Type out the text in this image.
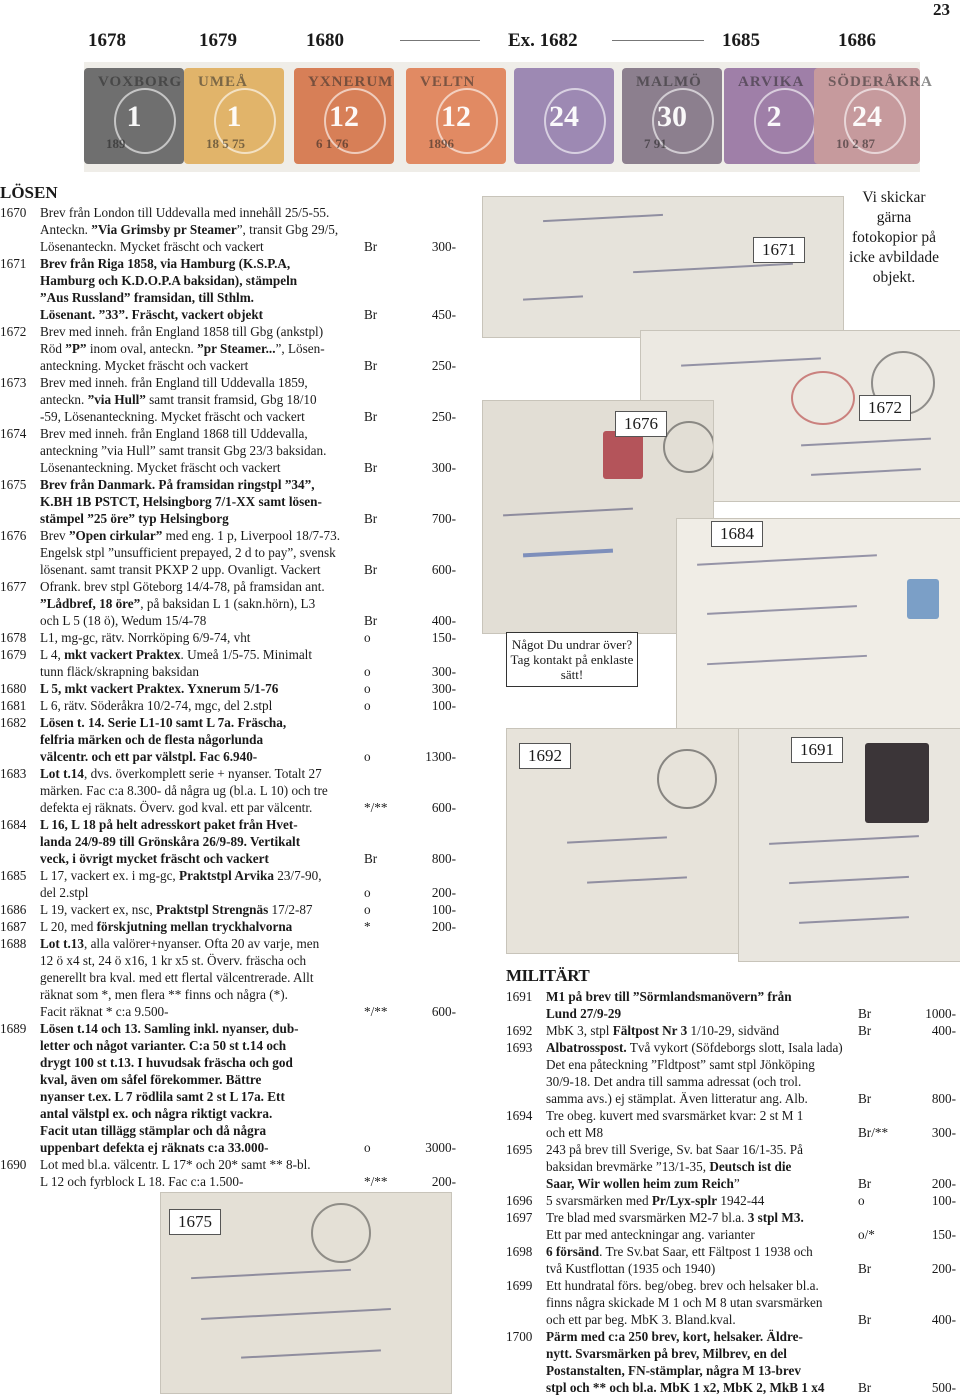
23
1678	1679	1680	Ex. 1682	1685	1686
1
VOXBORG
189
1
UMEÅ
18 5 75
12
YXNERUM
6 1 76
12
VELTN
1896
24	30
MALMÖ
7 91
2
ARVIKA
24
SÖDERÅKRA
10 2 87
LÖSEN
1670	Brev från London till Uddevalla med innehåll 25/5-55.
Anteckn. ”Via Grimsby pr Steamer”, transit Gbg 29/5,
Lösenanteckn. Mycket fräscht och vackert	Br	300-
1671	Brev från Riga 1858, via Hamburg (K.S.P.A,
Hamburg och K.D.O.P.A baksidan), stämpeln
”Aus Russland” framsidan, till Sthlm.
Lösenant. ”33”. Fräscht, vackert objekt	Br	450-
1672	Brev med inneh. från England 1858 till Gbg (ankstpl)
Röd ”P” inom oval, anteckn. ”pr Steamer...”, Lösen-
anteckning. Mycket fräscht och vackert	Br	250-
1673	Brev med inneh. från England till Uddevalla 1859,
anteckn. ”via Hull” samt transit framsid, Gbg 18/10
-59, Lösenanteckning. Mycket fräscht och vackert	Br	250-
1674	Brev med inneh. från England 1868 till Uddevalla,
anteckning ”via Hull” samt transit Gbg 23/3 baksidan.
Lösenanteckning. Mycket fräscht och vackert	Br	300-
1675	Brev från Danmark. På framsidan ringstpl ”34”,
K.BH 1B PSTCT, Helsingborg 7/1-XX samt lösen-
stämpel ”25 öre” typ Helsingborg	Br	700-
1676	Brev ”Open cirkular” med eng. 1 p, Liverpool 18/7-73.
Engelsk stpl ”unsufficient prepayed, 2 d to pay”, svensk
lösenant. samt transit PKXP 2 upp. Ovanligt. Vackert	Br	600-
1677	Ofrank. brev stpl Göteborg 14/4-78, på framsidan ant.
”Lådbref, 18 öre”, på baksidan L 1 (sakn.hörn), L3
och L 5 (18 ö), Wedum 15/4-78	Br	400-
1678	L1, mg-gc, rätv. Norrköping 6/9-74, vht	o	150-
1679	L 4, mkt vackert Praktex. Umeå 1/5-75. Minimalt
tunn fläck/skrapning baksidan	o	300-
1680	L 5, mkt vackert Praktex. Yxnerum 5/1-76	o	300-
1681	L 6, rätv. Söderåkra 10/2-74, mgc, del 2.stpl	o	100-
1682	Lösen t. 14. Serie L1-10 samt L 7a. Fräscha,
felfria märken och de flesta någorlunda
välcentr. och ett par välstpl. Fac 6.940-	o	1300-
1683	Lot t.14, dvs. överkomplett serie + nyanser. Totalt 27
märken. Fac c:a 8.300- då några ug (bl.a. L 10) och tre
defekta ej räknats. Överv. god kval. ett par välcentr.	*/**	600-
1684	L 16, L 18 på helt adresskort paket från Hvet-
landa 24/9-89 till Grönskåra 26/9-89. Vertikalt
veck, i övrigt mycket fräscht och vackert	Br	800-
1685	L 17, vackert ex. i mg-gc, Praktstpl Arvika 23/7-90,
del 2.stpl	o	200-
1686	L 19, vackert ex, nsc, Praktstpl Strengnäs 17/2-87	o	100-
1687	L 20, med förskjutning mellan tryckhalvorna	*	200-
1688	Lot t.13, alla valörer+nyanser. Ofta 20 av varje, men
12 ö x4 st, 24 ö x16, 1 kr x5 st. Överv. fräscha och
generellt bra kval. med ett flertal välcentrerade. Allt
räknat som *, men flera ** finns och några (*).
Facit räknat * c:a 9.500-	*/**	600-
1689	Lösen t.14 och 13. Samling inkl. nyanser, dub-
letter och något varianter. C:a 50 st t.14 och
drygt 100 st t.13. I huvudsak fräscha och god
kval, även om såfel förekommer. Bättre
nyanser t.ex. L 7 rödlila samt 2 st L 17a. Ett
antal välstpl ex. och några riktigt vackra.
Facit utan tillägg stämplar och då några
uppenbart defekta ej räknats c:a 33.000-	o	3000-
1690	Lot med bl.a. välcentr. L 17* och 20* samt ** 8-bl.
L 12 och fyrblock L 18. Fac c:a 1.500-	*/**	200-
Vi skickar gärna fotokopior på icke avbildade objekt.
1671
1672
1676
1684
Något Du undrar över? Tag kontakt på enklaste sätt!
1692	1691
1675
MILITÄRT
1691	M1 på brev till ”Sörmlandsmanövern” från
Lund 27/9-29	Br	1000-
1692	MbK 3, stpl Fältpost Nr 3 1/10-29, sidvänd	Br	400-
1693	Albatrosspost. Två vykort (Söfdeborgs slott, Isala lada)
Det ena påteckning ”Fldtpost” samt stpl Jönköping
30/9-18. Det andra till samma adressat (och trol.
samma avs.) ej stämplat. Även litteratur ang. Alb.	Br	800-
1694	Tre obeg. kuvert med svarsmärket kvar: 2 st M 1
och ett M8	Br/**	300-
1695	243 på brev till Sverige, Sv. bat Saar 16/1-35. På
baksidan brevmärke ”13/1-35, Deutsch ist die
Saar, Wir wollen heim zum Reich”	Br	200-
1696	5 svarsmärken med Pr/Lyx-splr 1942-44	o	100-
1697	Tre blad med svarsmärken M2-7 bl.a. 3 stpl M3.
Ett par med anteckningar ang. varianter	o/*	150-
1698	6 försänd. Tre Sv.bat Saar, ett Fältpost 1 1938 och
två Kustflottan (1935 och 1940)	Br	200-
1699	Ett hundratal förs. beg/obeg. brev och helsaker bl.a.
finns några skickade M 1 och M 8 utan svarsmärken
och ett par beg. MbK 3. Bland.kval.	Br	400-
1700	Pärm med c:a 250 brev, kort, helsaker. Äldre-
nytt. Svarsmärken på brev, Milbrev, en del
Postanstalten, FN-stämplar, några M 13-brev
stpl och ** och bl.a. MbK 1 x2, MbK 2, MkB 1 x4	Br	500-
